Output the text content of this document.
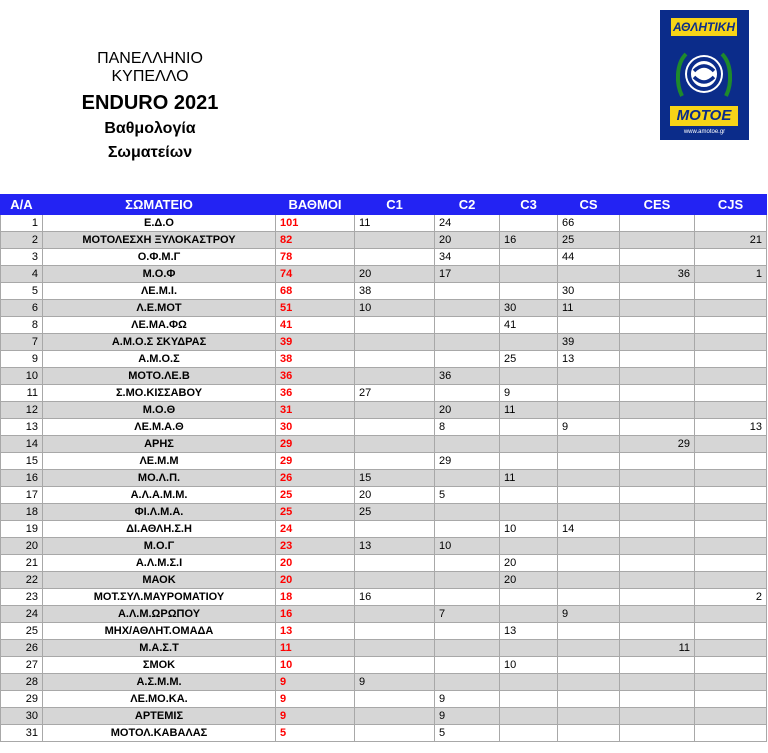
ΠΑΝΕΛΛΗΝΙΟ
ΚΥΠΕΛΛΟ
ENDURO 2021
Βαθμολογία
Σωματείων
ΑΘΛΗΤΙΚΗ
ΜΟΤΟΕ
www.amotoe.gr
Α/Α	ΣΩΜΑΤΕΙΟ	ΒΑΘΜΟΙ	C1	C2	C3	CS	CES	CJS
1	Ε.Δ.Ο	101	11	24		66		
2	ΜΟΤΟΛΕΣΧΗ ΞΥΛΟΚΑΣΤΡΟΥ	82		20	16	25		21
3	Ο.Φ.Μ.Γ	78		34		44		
4	Μ.Ο.Φ	74	20	17			36	1
5	ΛΕ.Μ.Ι.	68	38			30		
6	Λ.Ε.ΜΟΤ	51	10		30	11		
8	ΛΕ.ΜΑ.ΦΩ	41			41			
7	Α.Μ.Ο.Σ ΣΚΥΔΡΑΣ	39				39		
9	Α.Μ.Ο.Σ	38			25	13		
10	ΜΟΤΟ.ΛΕ.Β	36		36				
11	Σ.ΜΟ.ΚΙΣΣΑΒΟΥ	36	27		9			
12	Μ.Ο.Θ	31		20	11			
13	ΛΕ.Μ.Α.Θ	30		8		9		13
14	ΑΡΗΣ	29					29	
15	ΛΕ.Μ.Μ	29		29				
16	ΜΟ.Λ.Π.	26	15		11			
17	Α.Λ.Α.Μ.Μ.	25	20	5				
18	ΦΙ.Λ.Μ.Α.	25	25					
19	ΔΙ.ΑΘΛΗ.Σ.Η	24			10	14		
20	Μ.Ο.Γ	23	13	10				
21	Α.Λ.Μ.Σ.Ι	20			20			
22	ΜΑΟΚ	20			20			
23	ΜΟΤ.ΣΥΛ.ΜΑΥΡΟΜΑΤΙΟΥ	18	16					2
24	Α.Λ.Μ.ΩΡΩΠΟΥ	16		7		9		
25	ΜΗΧ/ΑΘΛΗΤ.ΟΜΑΔΑ	13			13			
26	Μ.Α.Σ.Τ	11					11	
27	ΣΜΟΚ	10			10			
28	Α.Σ.Μ.Μ.	9	9					
29	ΛΕ.ΜΟ.ΚΑ.	9		9				
30	ΑΡΤΕΜΙΣ	9		9				
31	ΜΟΤΟΛ.ΚΑΒΑΛΑΣ	5		5				
